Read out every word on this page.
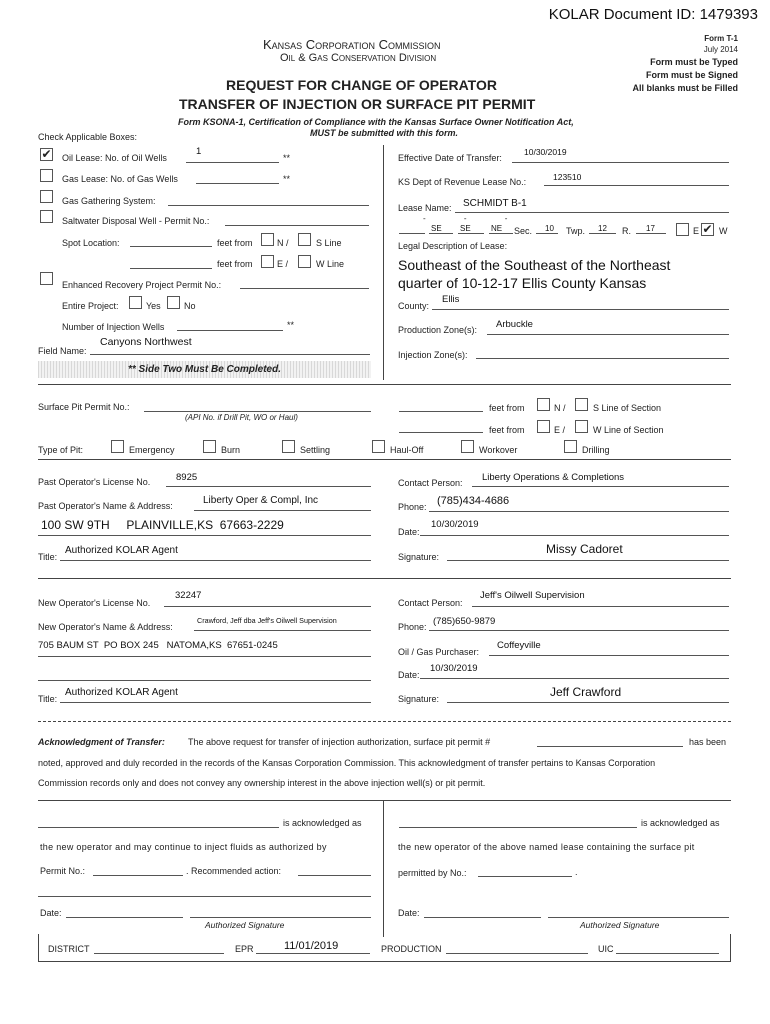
KOLAR Document ID: 1479393
Kansas Corporation Commission
Oil & Gas Conservation Division
REQUEST FOR CHANGE OF OPERATOR
TRANSFER OF INJECTION OR SURFACE PIT PERMIT
Form T-1
July 2014
Form must be Typed
Form must be Signed
All blanks must be Filled
Form KSONA-1, Certification of Compliance with the Kansas Surface Owner Notification Act,
MUST be submitted with this form.
Check Applicable Boxes:
✔ Oil Lease: No. of Oil Wells
1
**
Gas Lease: No. of Gas Wells	**
Gas Gathering System:
Saltwater Disposal Well - Permit No.:
Spot Location:	feet from	N /	S Line
feet from	E /	W Line
Enhanced Recovery Project Permit No.:
Entire Project:	Yes	No
Number of Injection Wells	**
Field Name:
Canyons Northwest
** Side Two Must Be Completed.
Effective Date of Transfer:
10/30/2019
KS Dept of Revenue Lease No.:	123510
Lease Name: SCHMIDT B-1
- - -
SE SE	NE Sec. 10 Twp. 12 R. 17	E ✔ W
Legal Description of Lease:
Southeast of the Southeast of the Northeast
quarter of 10-12-17 Ellis County Kansas
County:
Ellis
Production Zone(s): Arbuckle
Injection Zone(s):
Surface Pit Permit No.:
(API No. if Drill Pit, WO or Haul)
feet from	N /	S Line of Section
feet from	E /	W Line of Section
Type of Pit:	Emergency	Burn	Settling	Haul-Off	Workover	Drilling
Past Operator's License No.	8925	Contact Person: Liberty Operations & Completions
Past Operator's Name & Address:	Liberty Oper & Compl, Inc
Phone: (785)434-4686
100 SW 9TH     PLAINVILLE,KS  67663-2229	Date:
10/30/2019
Title:
Authorized KOLAR Agent
Signature:
Missy Cadoret
New Operator's License No.
32247
Contact Person:
Jeff's Oilwell Supervision
New Operator's Name & Address:
Crawford, Jeff dba Jeff's Oilwell Supervision
Phone: (785)650-9879
705 BAUM ST  PO BOX 245   NATOMA,KS  67651-0245
Oil / Gas Purchaser:
Coffeyville
Date:
10/30/2019
Title:
Authorized KOLAR Agent
Signature:	Jeff Crawford
Acknowledgment of Transfer:	The above request for transfer of injection authorization, surface pit permit #	has been
noted, approved and duly recorded in the records of the Kansas Corporation Commission. This acknowledgment of transfer pertains to Kansas Corporation
Commission records only and does not convey any ownership interest in the above injection well(s) or pit permit.
is acknowledged as
the new operator and may continue to inject fluids as authorized by
Permit No.:	. Recommended action:
Date:
Authorized Signature
is acknowledged as
the new operator of the above named lease containing the surface pit
permitted by No.:	.
Date:
Authorized Signature
DISTRICT	EPR	11/01/2019	PRODUCTION	UIC
